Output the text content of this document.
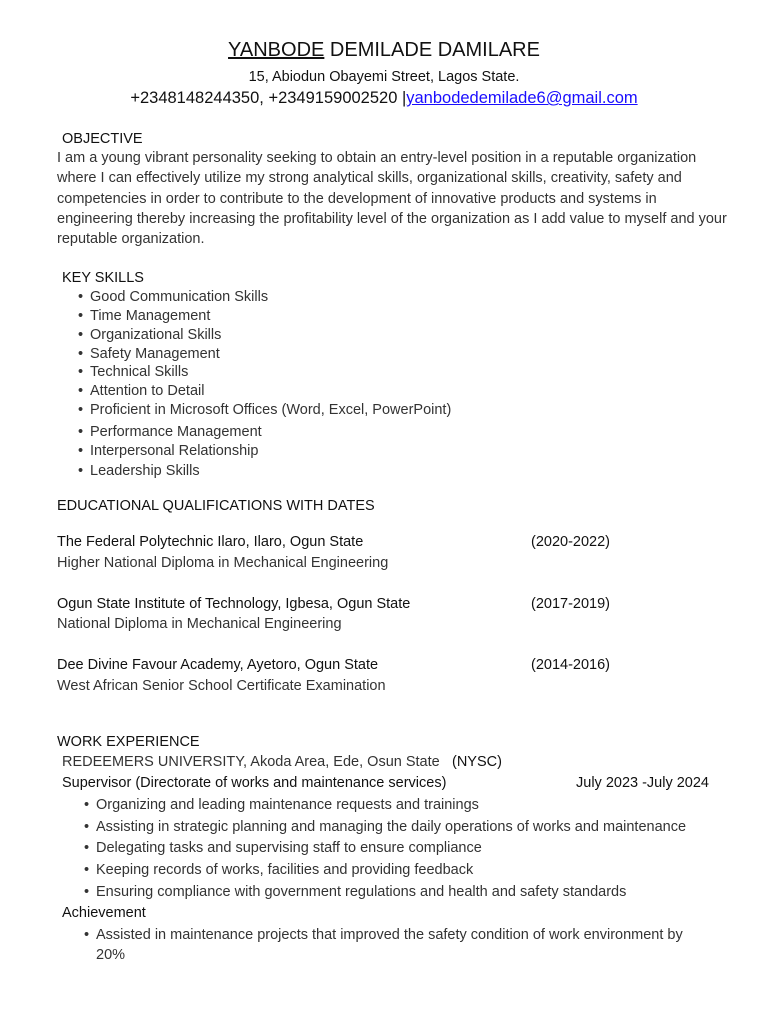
YANBODE DEMILADE DAMILARE
15, Abiodun Obayemi Street, Lagos State.
+2348148244350, +2349159002520 |yanbodedemilade6@gmail.com
OBJECTIVE
I am a young vibrant personality seeking to obtain an entry-level position in a reputable organization where I can effectively utilize my strong analytical skills, organizational skills, creativity, safety and competencies in order to contribute to the development of innovative products and systems in engineering thereby increasing the profitability level of the organization as I add value to myself and your reputable organization.
KEY SKILLS
• Good Communication Skills
• Time Management
• Organizational Skills
• Safety Management
• Technical Skills
• Attention to Detail
• Proficient in Microsoft Offices (Word, Excel, PowerPoint)
• Performance Management
• Interpersonal Relationship
• Leadership Skills
EDUCATIONAL QUALIFICATIONS WITH DATES
The Federal Polytechnic Ilaro, Ilaro, Ogun State	(2020-2022)
Higher National Diploma in Mechanical Engineering
Ogun State Institute of Technology, Igbesa, Ogun State	(2017-2019)
National Diploma in Mechanical Engineering
Dee Divine Favour Academy, Ayetoro, Ogun State	(2014-2016)
West African Senior School Certificate Examination
WORK EXPERIENCE
REDEEMERS UNIVERSITY, Akoda Area, Ede, Osun State (NYSC)
Supervisor (Directorate of works and maintenance services)	July 2023 -July 2024
• Organizing and leading maintenance requests and trainings
• Assisting in strategic planning and managing the daily operations of works and maintenance
• Delegating tasks and supervising staff to ensure compliance
• Keeping records of works, facilities and providing feedback
• Ensuring compliance with government regulations and health and safety standards
Achievement
• Assisted in maintenance projects that improved the safety condition of work environment by
20%
